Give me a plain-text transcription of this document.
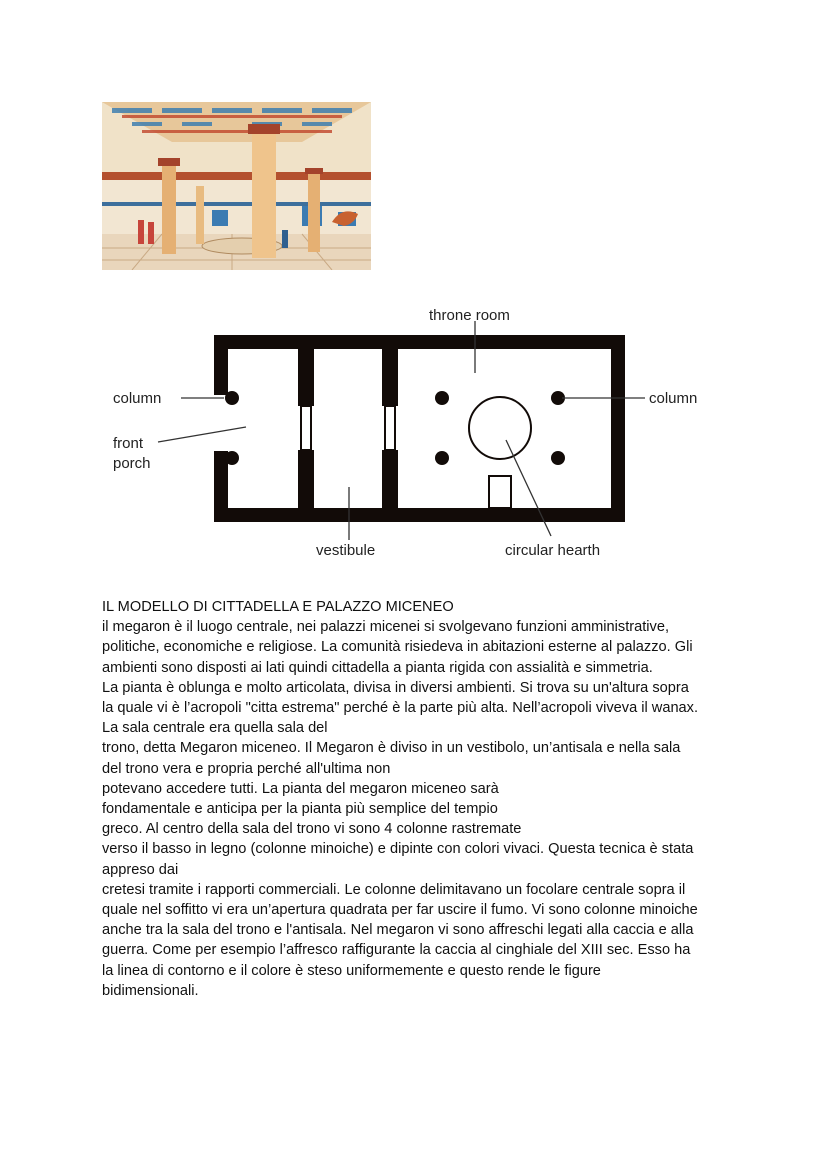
throne room
column	column
front
porch
vestibule	circular hearth

IL MODELLO DI CITTADELLA E PALAZZO MICENEO

il megaron è il luogo centrale, nei palazzi micenei si svolgevano funzioni amministrative,

politiche, economiche e religiose. La comunità risiedeva in abitazioni esterne al palazzo. Gli

ambienti sono disposti ai lati quindi cittadella a pianta rigida con assialità e simmetria.

La pianta è oblunga e molto articolata, divisa in diversi ambienti. Si trova su un'altura sopra

la quale vi è l’acropoli "citta estrema" perché è la parte più alta. Nell’acropoli viveva il wanax.

La sala centrale era quella sala del

trono, detta Megaron miceneo. Il Megaron è diviso in un vestibolo, un’antisala e nella sala

del trono vera e propria perché all'ultima non

potevano accedere tutti. La pianta del megaron miceneo sarà

fondamentale e anticipa per la pianta più semplice del tempio

greco. Al centro della sala del trono vi sono 4 colonne rastremate

verso il basso in legno (colonne minoiche) e dipinte con colori vivaci. Questa tecnica è stata

appreso dai

cretesi tramite i rapporti commerciali. Le colonne delimitavano un focolare centrale sopra il

quale nel soffitto vi era un’apertura quadrata per far uscire il fumo. Vi sono colonne minoiche

anche tra la sala del trono e l'antisala. Nel megaron vi sono affreschi legati alla caccia e alla

guerra. Come per esempio l’affresco raffigurante la caccia al cinghiale del XIII sec. Esso ha

la linea di contorno e il colore è steso uniformemente e questo rende le figure

bidimensionali.
